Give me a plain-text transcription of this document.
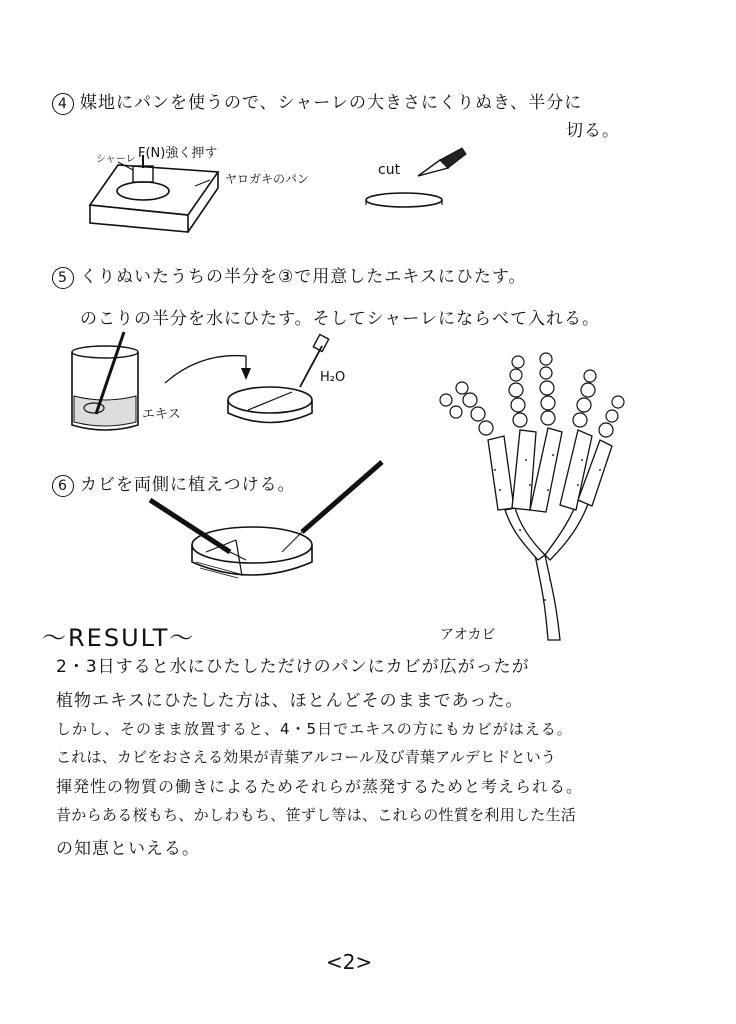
4 媒地にパンを使うので、シャーレの大きさにくりぬき、半分に
切る。
シャーレ F(N)強く押す
ヤロガキのパン
cut
5 くりぬいたうちの半分を③で用意したエキスにひたす。
のこりの半分を水にひたす。そしてシャーレにならべて入れる。
エキス
H₂O
6 カビを両側に植えつける。
アオカビ
～RESULT～
2・3日すると水にひたしただけのパンにカビが広がったが
植物エキスにひたした方は、ほとんどそのままであった。
しかし、そのまま放置すると、4・5日でエキスの方にもカビがはえる。
これは、カビをおさえる効果が青葉アルコール及び青葉アルデヒドという
揮発性の物質の働きによるためそれらが蒸発するためと考えられる。
昔からある桜もち、かしわもち、笹ずし等は、これらの性質を利用した生活
の知恵といえる。
<2>
